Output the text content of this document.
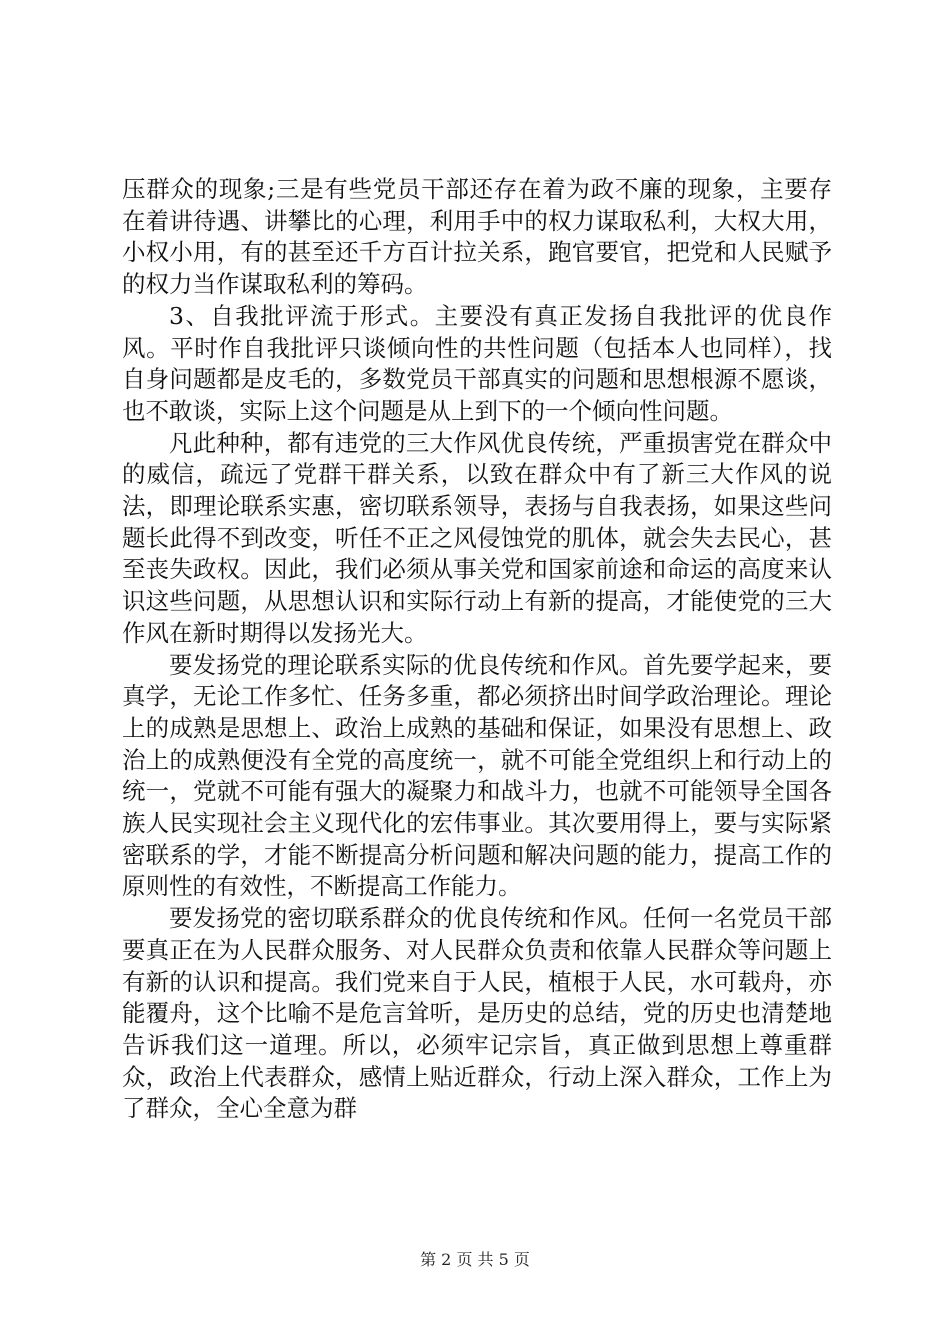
压群众的现象;三是有些党员干部还存在着为政不廉的现象，主要存在着讲待遇、讲攀比的心理，利用手中的权力谋取私利，大权大用，小权小用，有的甚至还千方百计拉关系，跑官要官，把党和人民赋予的权力当作谋取私利的筹码。

3、自我批评流于形式。主要没有真正发扬自我批评的优良作风。平时作自我批评只谈倾向性的共性问题（包括本人也同样），找自身问题都是皮毛的，多数党员干部真实的问题和思想根源不愿谈，也不敢谈，实际上这个问题是从上到下的一个倾向性问题。

凡此种种，都有违党的三大作风优良传统，严重损害党在群众中的威信，疏远了党群干群关系，以致在群众中有了新三大作风的说法，即理论联系实惠，密切联系领导，表扬与自我表扬，如果这些问题长此得不到改变，听任不正之风侵蚀党的肌体，就会失去民心，甚至丧失政权。因此，我们必须从事关党和国家前途和命运的高度来认识这些问题，从思想认识和实际行动上有新的提高，才能使党的三大作风在新时期得以发扬光大。

要发扬党的理论联系实际的优良传统和作风。首先要学起来，要真学，无论工作多忙、任务多重，都必须挤出时间学政治理论。理论上的成熟是思想上、政治上成熟的基础和保证，如果没有思想上、政治上的成熟便没有全党的高度统一，就不可能全党组织上和行动上的统一，党就不可能有强大的凝聚力和战斗力，也就不可能领导全国各族人民实现社会主义现代化的宏伟事业。其次要用得上，要与实际紧密联系的学，才能不断提高分析问题和解决问题的能力，提高工作的原则性的有效性，不断提高工作能力。

要发扬党的密切联系群众的优良传统和作风。任何一名党员干部要真正在为人民群众服务、对人民群众负责和依靠人民群众等问题上有新的认识和提高。我们党来自于人民，植根于人民，水可载舟，亦能覆舟，这个比喻不是危言耸听，是历史的总结，党的历史也清楚地告诉我们这一道理。所以，必须牢记宗旨，真正做到思想上尊重群众，政治上代表群众，感情上贴近群众，行动上深入群众，工作上为了群众，全心全意为群

第 2 页 共 5 页
